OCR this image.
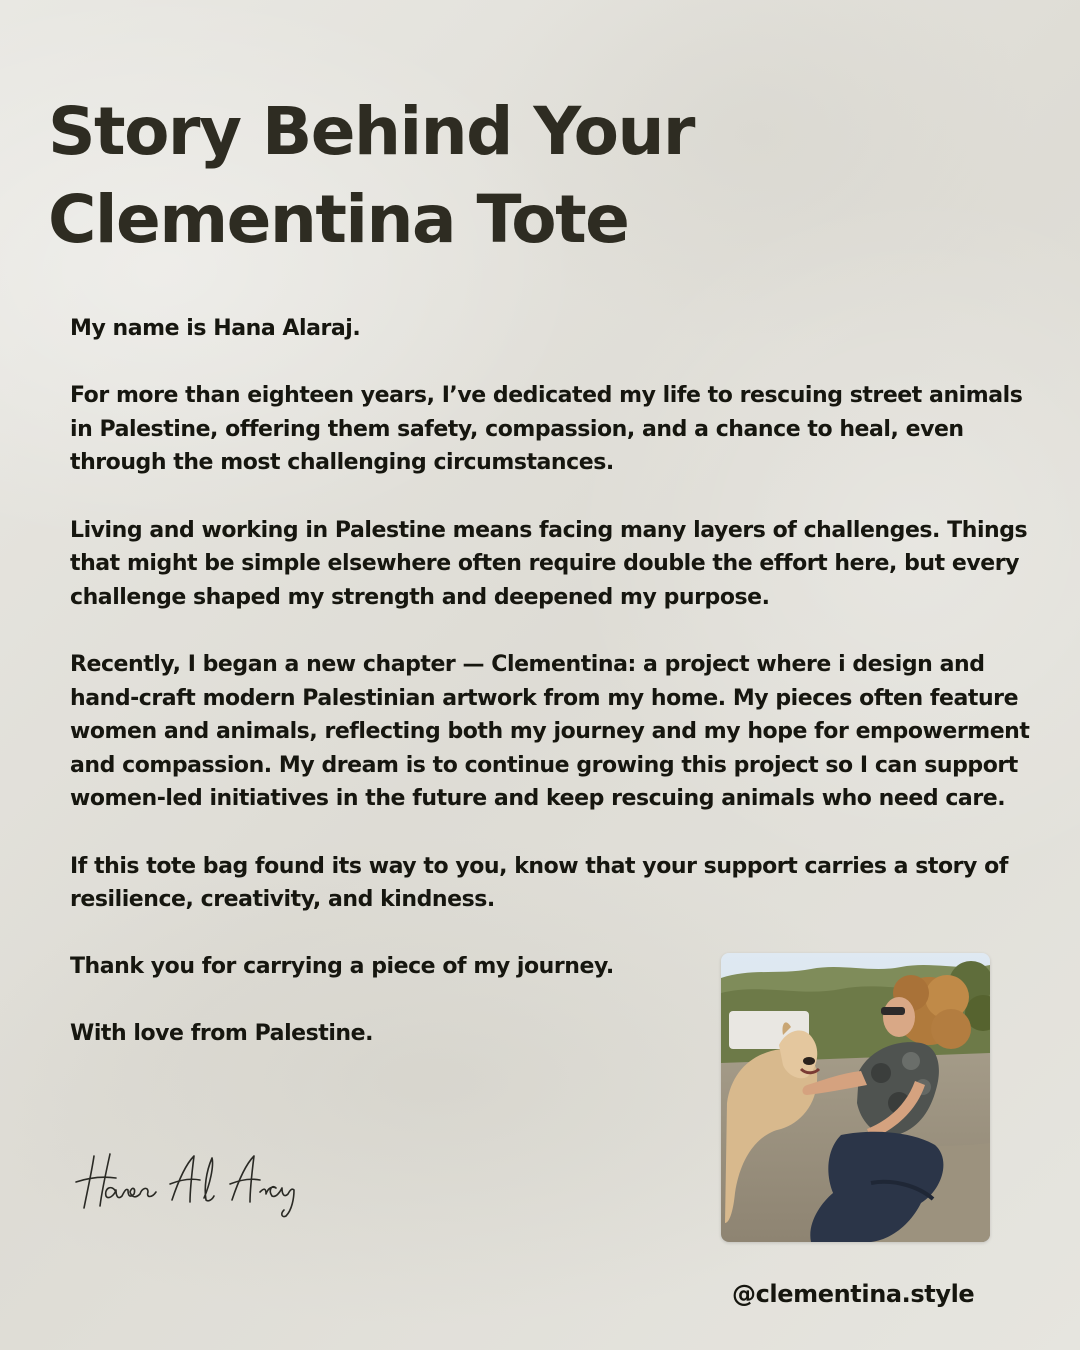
Story Behind Your
Clementina Tote

My name is Hana Alaraj.

For more than eighteen years, I’ve dedicated my life to rescuing street animals in Palestine, offering them safety, compassion, and a chance to heal, even through the most challenging circumstances.

Living and working in Palestine means facing many layers of challenges. Things that might be simple elsewhere often require double the effort here, but every challenge shaped my strength and deepened my purpose.

Recently, I began a new chapter — Clementina: a project where i design and hand-craft modern Palestinian artwork from my home. My pieces often feature women and animals, reflecting both my journey and my hope for empowerment and compassion. My dream is to continue growing this project so I can support women-led initiatives in the future and keep rescuing animals who need care.

If this tote bag found its way to you, know that your support carries a story of resilience, creativity, and kindness.

Thank you for carrying a piece of my journey.

With love from Palestine.

@clementina.style
